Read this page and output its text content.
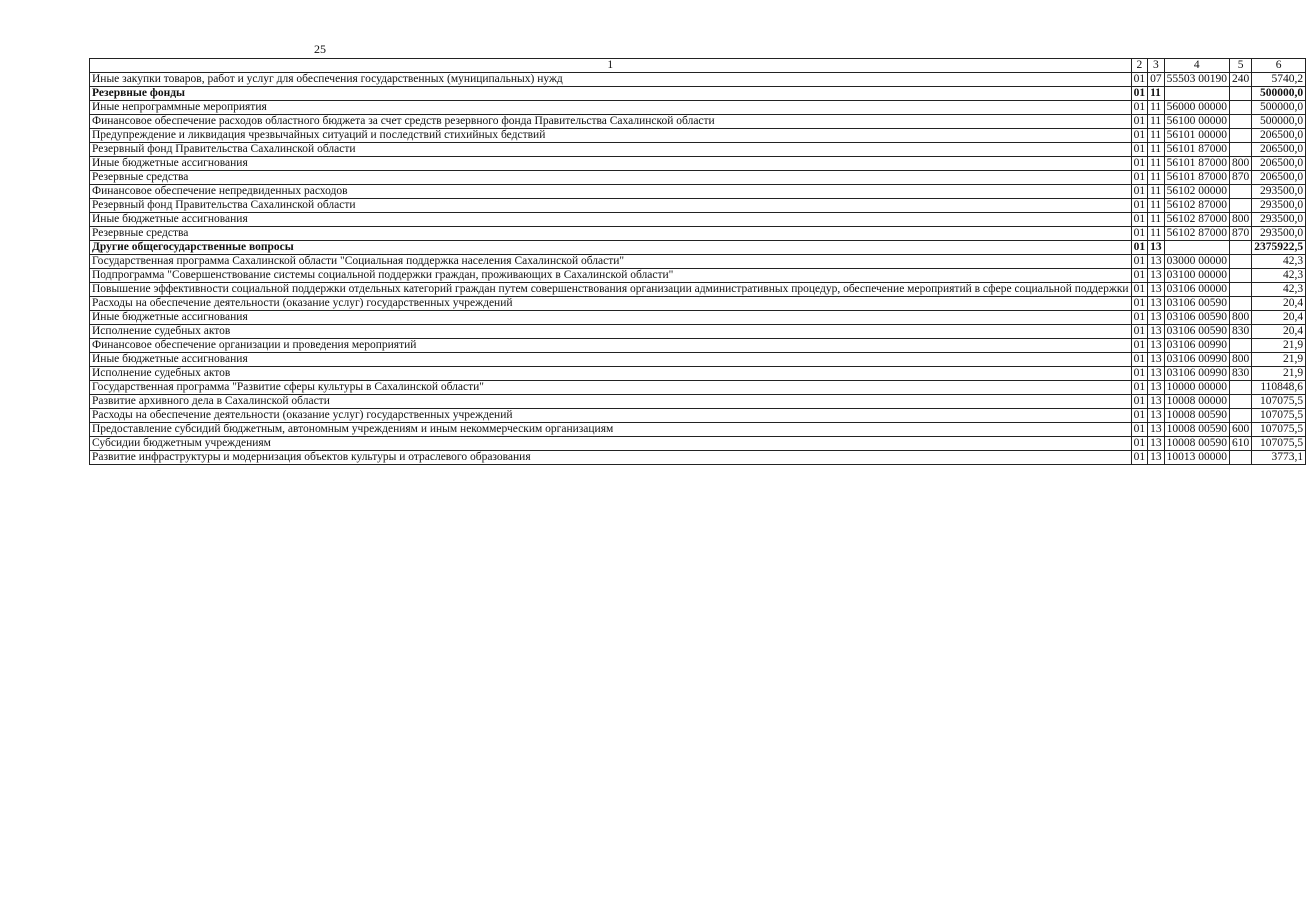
25
1	2	3	4	5	6
Иные закупки товаров, работ и услуг для обеспечения государственных (муниципальных) нужд	01	07	55503 00190	240	5740,2
Резервные фонды	01	11			500000,0
Иные непрограммные мероприятия	01	11	56000 00000		500000,0
Финансовое обеспечение расходов областного бюджета за счет средств резервного фонда Правительства Сахалинской области	01	11	56100 00000		500000,0
Предупреждение и ликвидация чрезвычайных ситуаций и последствий стихийных бедствий	01	11	56101 00000		206500,0
Резервный фонд Правительства Сахалинской области	01	11	56101 87000		206500,0
Иные бюджетные ассигнования	01	11	56101 87000	800	206500,0
Резервные средства	01	11	56101 87000	870	206500,0
Финансовое обеспечение непредвиденных расходов	01	11	56102 00000		293500,0
Резервный фонд Правительства Сахалинской области	01	11	56102 87000		293500,0
Иные бюджетные ассигнования	01	11	56102 87000	800	293500,0
Резервные средства	01	11	56102 87000	870	293500,0
Другие общегосударственные вопросы	01	13			2375922,5
Государственная программа Сахалинской области "Социальная поддержка населения Сахалинской области"	01	13	03000 00000		42,3
Подпрограмма "Совершенствование системы социальной поддержки граждан, проживающих в Сахалинской области"	01	13	03100 00000		42,3
Повышение эффективности социальной поддержки отдельных категорий граждан путем совершенствования организации административных процедур, обеспечение мероприятий в сфере социальной поддержки	01	13	03106 00000		42,3
Расходы на обеспечение деятельности (оказание услуг) государственных учреждений	01	13	03106 00590		20,4
Иные бюджетные ассигнования	01	13	03106 00590	800	20,4
Исполнение судебных актов	01	13	03106 00590	830	20,4
Финансовое обеспечение организации и проведения мероприятий	01	13	03106 00990		21,9
Иные бюджетные ассигнования	01	13	03106 00990	800	21,9
Исполнение судебных актов	01	13	03106 00990	830	21,9
Государственная программа "Развитие сферы культуры в Сахалинской области"	01	13	10000 00000		110848,6
Развитие архивного дела в Сахалинской области	01	13	10008 00000		107075,5
Расходы на обеспечение деятельности (оказание услуг) государственных учреждений	01	13	10008 00590		107075,5
Предоставление субсидий бюджетным, автономным учреждениям и иным некоммерческим организациям	01	13	10008 00590	600	107075,5
Субсидии бюджетным учреждениям	01	13	10008 00590	610	107075,5
Развитие инфраструктуры и модернизация объектов культуры и отраслевого образования	01	13	10013 00000		3773,1
